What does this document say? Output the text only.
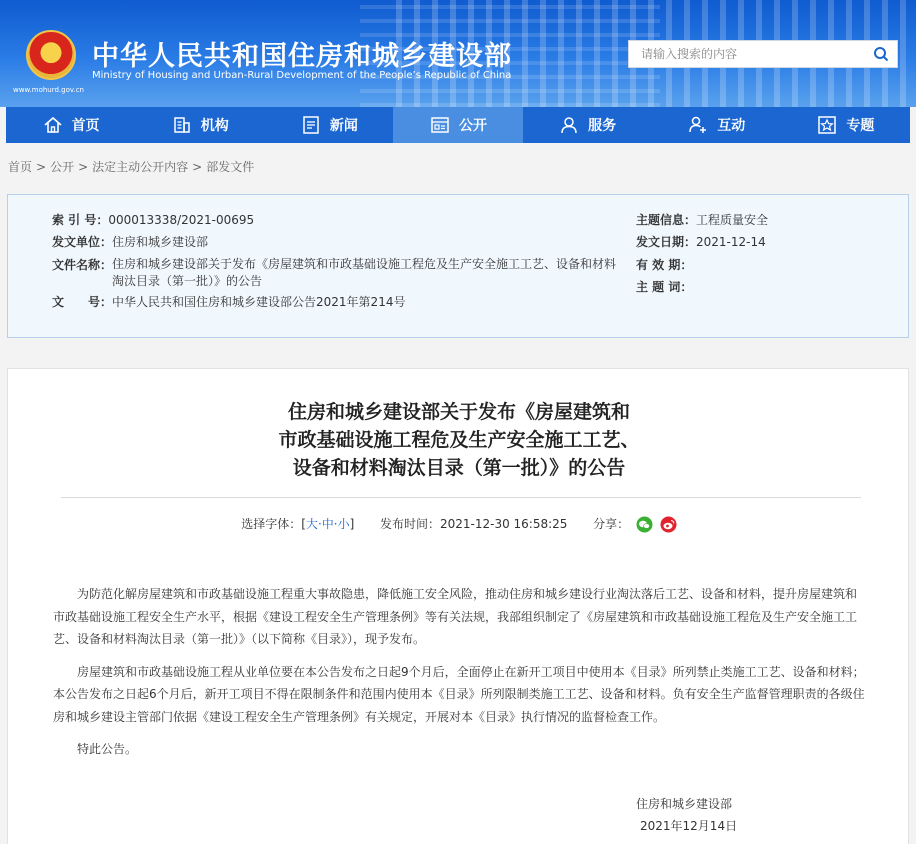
www.mohurd.gov.cn
中华人民共和国住房和城乡建设部
Ministry of Housing and Urban-Rural Development of the People’s Republic of China
请输入搜索的内容
首页	机构	新闻	公开	服务	互动	专题
首页 > 公开 > 法定主动公开内容 > 部发文件
索 引 号：000013338/2021-00695
发文单位：住房和城乡建设部
文件名称： 住房和城乡建设部关于发布《房屋建筑和市政基础设施工程危及生产安全施工工艺、设备和材料淘汰目录（第一批）》的公告
文　　号：中华人民共和国住房和城乡建设部公告2021年第214号
主题信息：工程质量安全
发文日期：2021-12-14
有 效 期：
主 题 词：
住房和城乡建设部关于发布《房屋建筑和
市政基础设施工程危及生产安全施工工艺、
设备和材料淘汰目录（第一批）》的公告
选择字体：[大·中·小] 发布时间：2021-12-30 16:58:25 分享：

为防范化解房屋建筑和市政基础设施工程重大事故隐患，降低施工安全风险，推动住房和城乡建设行业淘汰落后工艺、设备和材料，提升房屋建筑和市政基础设施工程安全生产水平，根据《建设工程安全生产管理条例》等有关法规，我部组织制定了《房屋建筑和市政基础设施工程危及生产安全施工工艺、设备和材料淘汰目录（第一批）》（以下简称《目录》），现予发布。

房屋建筑和市政基础设施工程从业单位要在本公告发布之日起9个月后，全面停止在新开工项目中使用本《目录》所列禁止类施工工艺、设备和材料；本公告发布之日起6个月后，新开工项目不得在限制条件和范围内使用本《目录》所列限制类施工工艺、设备和材料。负有安全生产监督管理职责的各级住房和城乡建设主管部门依据《建设工程安全生产管理条例》有关规定，开展对本《目录》执行情况的监督检查工作。

特此公告。

住房和城乡建设部
2021年12月14日
